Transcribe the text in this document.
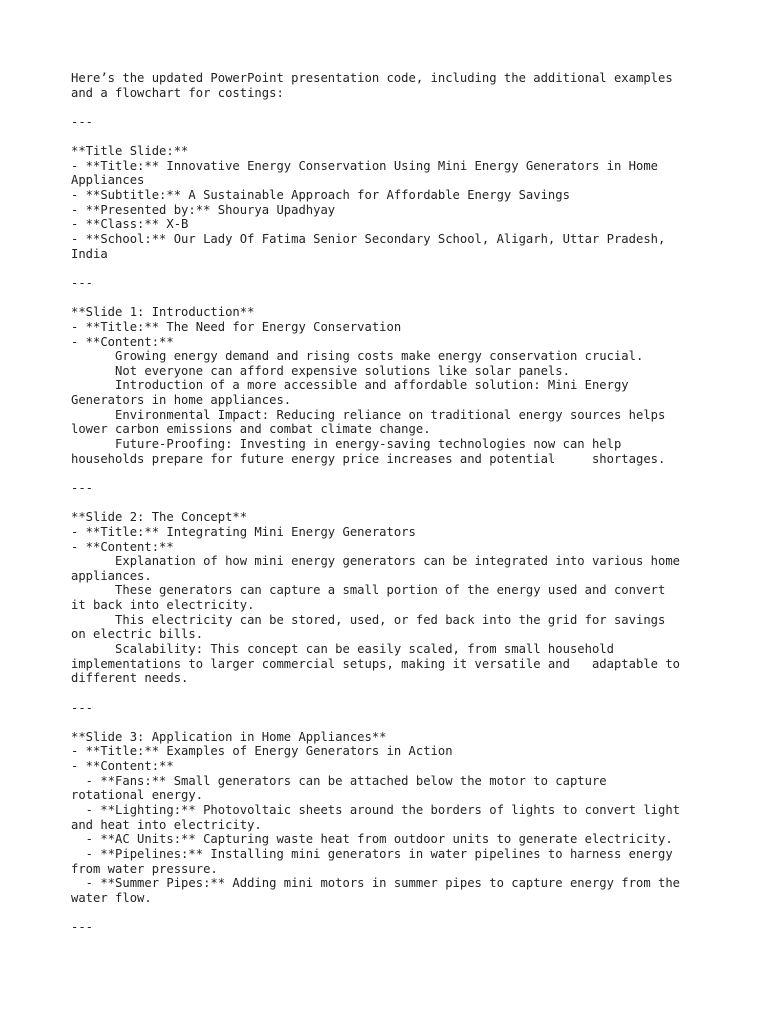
Here’s the updated PowerPoint presentation code, including the additional examples
and a flowchart for costings:
---
**Title Slide:**
- **Title:** Innovative Energy Conservation Using Mini Energy Generators in Home
Appliances
- **Subtitle:** A Sustainable Approach for Affordable Energy Savings
- **Presented by:** Shourya Upadhyay
- **Class:** X-B
- **School:** Our Lady Of Fatima Senior Secondary School, Aligarh, Uttar Pradesh,
India
---
**Slide 1: Introduction**
- **Title:** The Need for Energy Conservation
- **Content:**
Growing energy demand and rising costs make energy conservation crucial.
Not everyone can afford expensive solutions like solar panels.
Introduction of a more accessible and affordable solution: Mini Energy
Generators in home appliances.
Environmental Impact: Reducing reliance on traditional energy sources helps
lower carbon emissions and combat climate change.
Future-Proofing: Investing in energy-saving technologies now can help
households prepare for future energy price increases and potential     shortages.
---
**Slide 2: The Concept**
- **Title:** Integrating Mini Energy Generators
- **Content:**
Explanation of how mini energy generators can be integrated into various home
appliances.
These generators can capture a small portion of the energy used and convert
it back into electricity.
This electricity can be stored, used, or fed back into the grid for savings
on electric bills.
Scalability: This concept can be easily scaled, from small household
implementations to larger commercial setups, making it versatile and   adaptable to
different needs.
---
**Slide 3: Application in Home Appliances**
- **Title:** Examples of Energy Generators in Action
- **Content:**
- **Fans:** Small generators can be attached below the motor to capture
rotational energy.
- **Lighting:** Photovoltaic sheets around the borders of lights to convert light
and heat into electricity.
- **AC Units:** Capturing waste heat from outdoor units to generate electricity.
- **Pipelines:** Installing mini generators in water pipelines to harness energy
from water pressure.
- **Summer Pipes:** Adding mini motors in summer pipes to capture energy from the
water flow.
---
